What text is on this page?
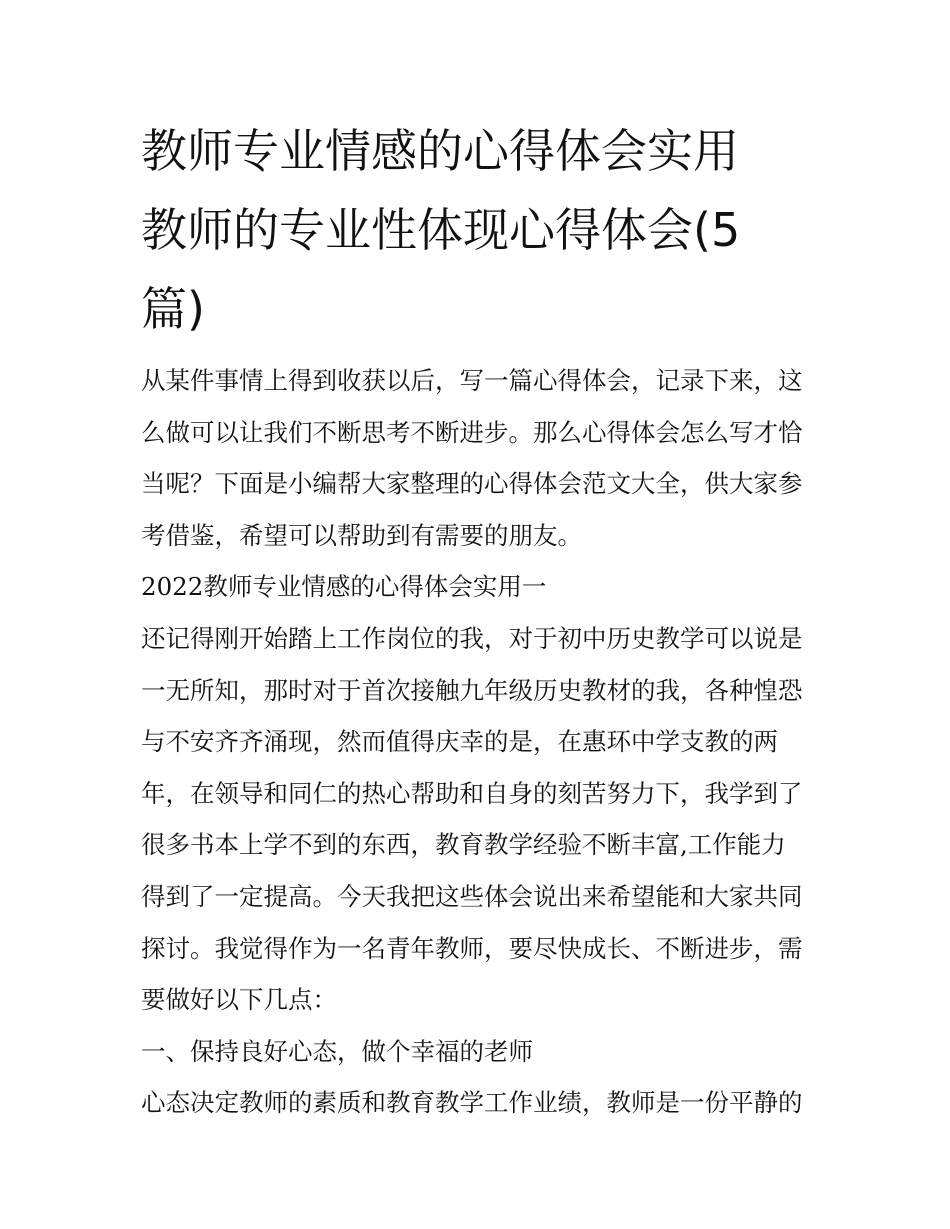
教师专业情感的心得体会实用
教师的专业性体现心得体会(5
篇)
从某件事情上得到收获以后，写一篇心得体会，记录下来，这
么做可以让我们不断思考不断进步。那么心得体会怎么写才恰
当呢？下面是小编帮大家整理的心得体会范文大全，供大家参
考借鉴，希望可以帮助到有需要的朋友。
2022教师专业情感的心得体会实用一
还记得刚开始踏上工作岗位的我，对于初中历史教学可以说是
一无所知，那时对于首次接触九年级历史教材的我，各种惶恐
与不安齐齐涌现，然而值得庆幸的是，在惠环中学支教的两
年，在领导和同仁的热心帮助和自身的刻苦努力下，我学到了
很多书本上学不到的东西，教育教学经验不断丰富,工作能力
得到了一定提高。今天我把这些体会说出来希望能和大家共同
探讨。我觉得作为一名青年教师，要尽快成长、不断进步，需
要做好以下几点：
一、保持良好心态，做个幸福的老师
心态决定教师的素质和教育教学工作业绩，教师是一份平静的
